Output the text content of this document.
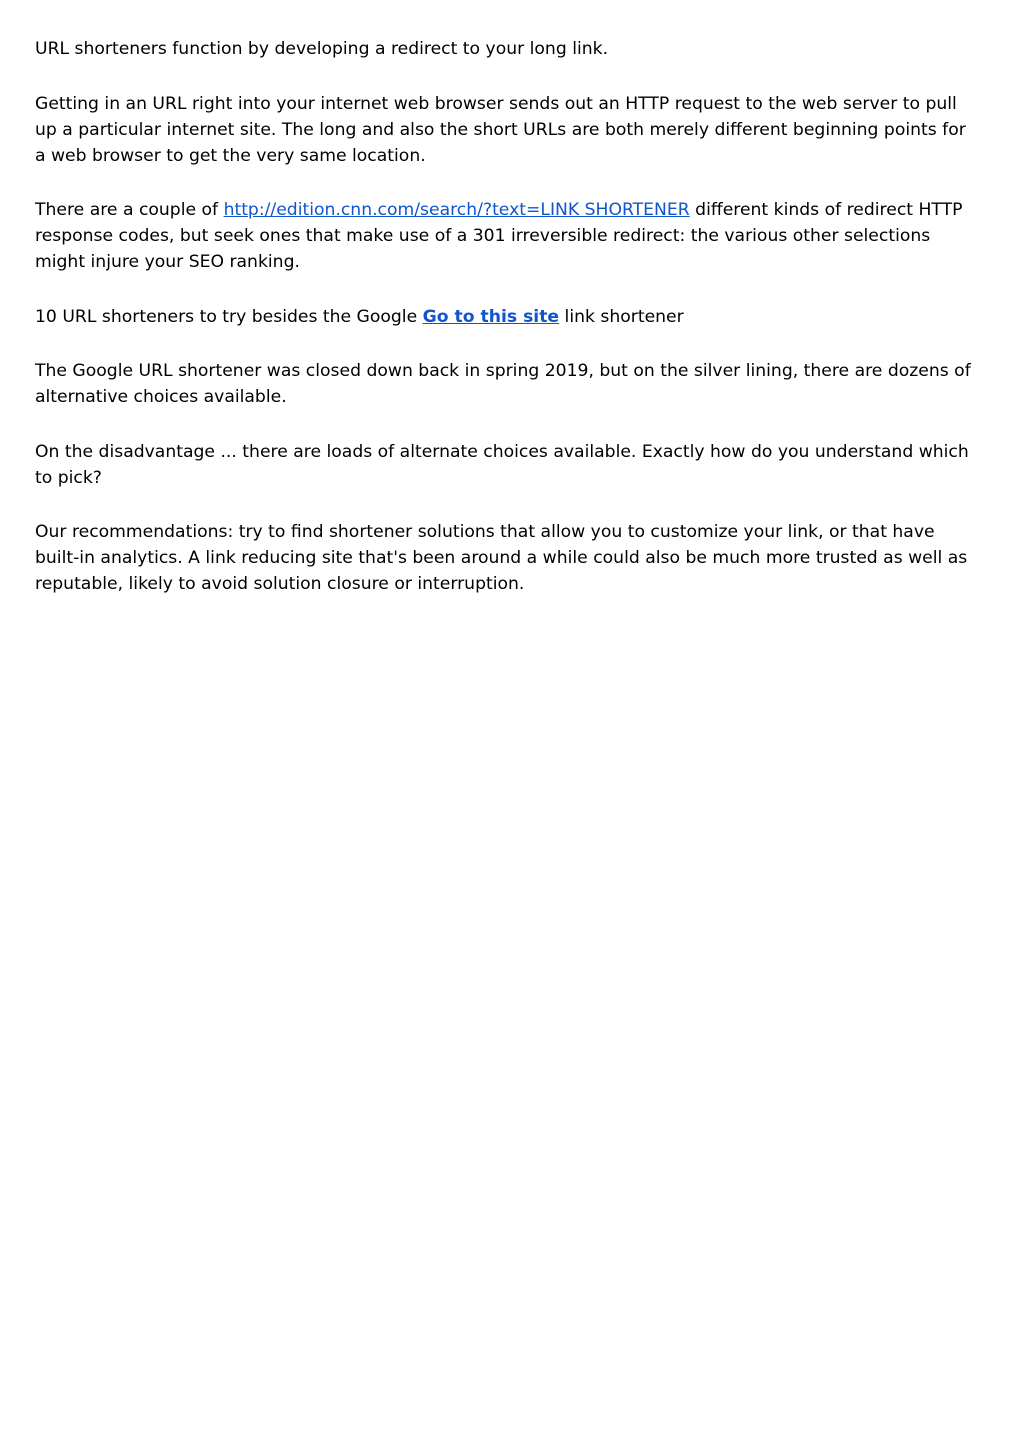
URL shorteners function by developing a redirect to your long link.

Getting in an URL right into your internet web browser sends out an HTTP request to the web server to pull up a particular internet site. The long and also the short URLs are both merely different beginning points for a web browser to get the very same location.

There are a couple of http://edition.cnn.com/search/?text=LINK SHORTENER different kinds of redirect HTTP response codes, but seek ones that make use of a 301 irreversible redirect: the various other selections might injure your SEO ranking.

10 URL shorteners to try besides the Google Go to this site link shortener

The Google URL shortener was closed down back in spring 2019, but on the silver lining, there are dozens of alternative choices available.

On the disadvantage ... there are loads of alternate choices available. Exactly how do you understand which to pick?

Our recommendations: try to find shortener solutions that allow you to customize your link, or that have built-in analytics. A link reducing site that's been around a while could also be much more trusted as well as reputable, likely to avoid solution closure or interruption.
